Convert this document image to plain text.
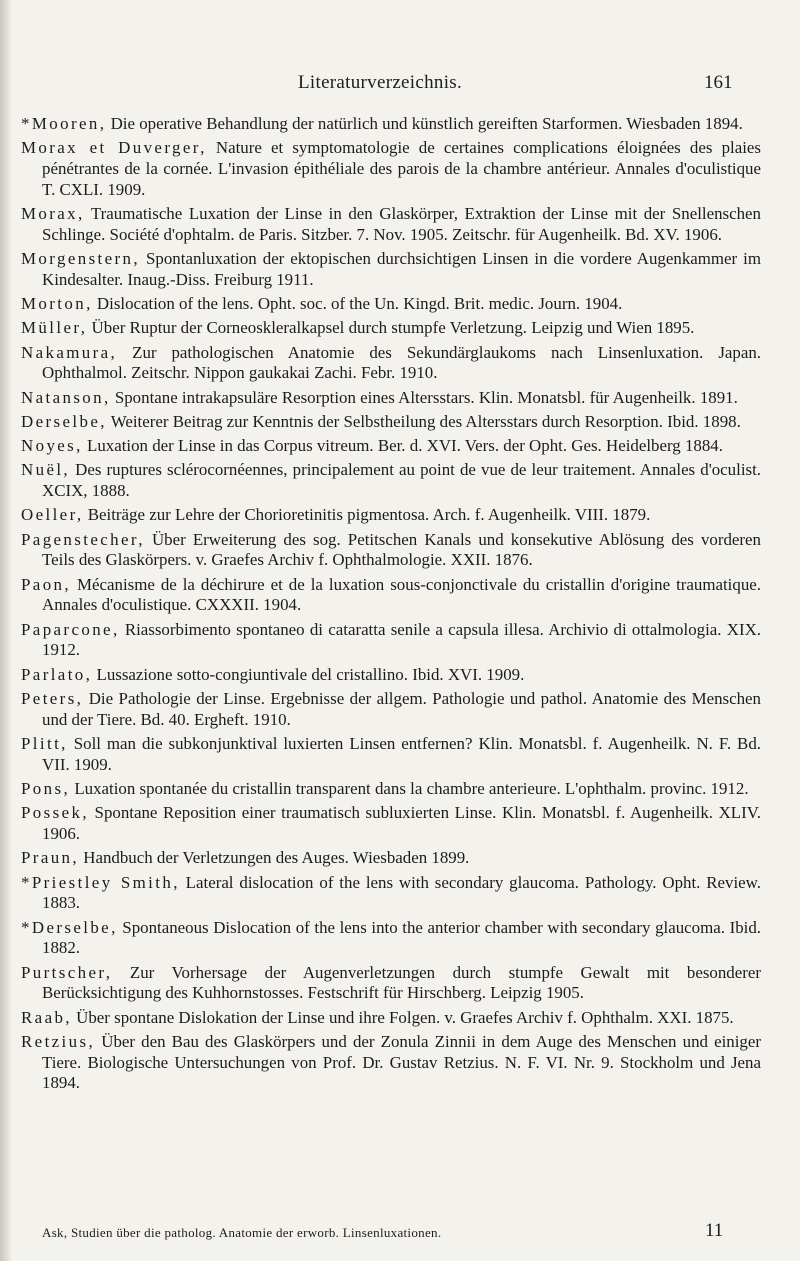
Literaturverzeichnis.	161

*Mooren, Die operative Behandlung der natürlich und künstlich gereiften Starformen. Wiesbaden 1894.

Morax et Duverger, Nature et symptomatologie de certaines complications éloignées des plaies pénétrantes de la cornée. L'invasion épithéliale des parois de la chambre antérieur. Annales d'oculistique T. CXLI. 1909.

Morax, Traumatische Luxation der Linse in den Glaskörper, Extraktion der Linse mit der Snellenschen Schlinge. Société d'ophtalm. de Paris. Sitzber. 7. Nov. 1905. Zeitschr. für Augenheilk. Bd. XV. 1906.

Morgenstern, Spontanluxation der ektopischen durchsichtigen Linsen in die vordere Augenkammer im Kindesalter. Inaug.-Diss. Freiburg 1911.

Morton, Dislocation of the lens. Opht. soc. of the Un. Kingd. Brit. medic. Journ. 1904.

Müller, Über Ruptur der Corneoskleralkapsel durch stumpfe Verletzung. Leipzig und Wien 1895.

Nakamura, Zur pathologischen Anatomie des Sekundärglaukoms nach Linsenluxation. Japan. Ophthalmol. Zeitschr. Nippon gaukakai Zachi. Febr. 1910.

Natanson, Spontane intrakapsuläre Resorption eines Altersstars. Klin. Monatsbl. für Augenheilk. 1891.

Derselbe, Weiterer Beitrag zur Kenntnis der Selbstheilung des Altersstars durch Resorption. Ibid. 1898.

Noyes, Luxation der Linse in das Corpus vitreum. Ber. d. XVI. Vers. der Opht. Ges. Heidelberg 1884.

Nuël, Des ruptures sclérocornéennes, principalement au point de vue de leur traitement. Annales d'oculist. XCIX, 1888.

Oeller, Beiträge zur Lehre der Chorioretinitis pigmentosa. Arch. f. Augenheilk. VIII. 1879.

Pagenstecher, Über Erweiterung des sog. Petitschen Kanals und konsekutive Ablösung des vorderen Teils des Glaskörpers. v. Graefes Archiv f. Ophthalmologie. XXII. 1876.

Paon, Mécanisme de la déchirure et de la luxation sous-conjonctivale du cristallin d'origine traumatique. Annales d'oculistique. CXXXII. 1904.

Paparcone, Riassorbimento spontaneo di cataratta senile a capsula illesa. Archivio di ottalmologia. XIX. 1912.

Parlato, Lussazione sotto-congiuntivale del cristallino. Ibid. XVI. 1909.

Peters, Die Pathologie der Linse. Ergebnisse der allgem. Pathologie und pathol. Anatomie des Menschen und der Tiere. Bd. 40. Ergheft. 1910.

Plitt, Soll man die subkonjunktival luxierten Linsen entfernen? Klin. Monatsbl. f. Augenheilk. N. F. Bd. VII. 1909.

Pons, Luxation spontanée du cristallin transparent dans la chambre anterieure. L'ophthalm. provinc. 1912.

Possek, Spontane Reposition einer traumatisch subluxierten Linse. Klin. Monatsbl. f. Augenheilk. XLIV. 1906.

Praun, Handbuch der Verletzungen des Auges. Wiesbaden 1899.

*Priestley Smith, Lateral dislocation of the lens with secondary glaucoma. Pathology. Opht. Review. 1883.

*Derselbe, Spontaneous Dislocation of the lens into the anterior chamber with secondary glaucoma. Ibid. 1882.

Purtscher, Zur Vorhersage der Augenverletzungen durch stumpfe Gewalt mit besonderer Berücksichtigung des Kuhhornstosses. Festschrift für Hirschberg. Leipzig 1905.

Raab, Über spontane Dislokation der Linse und ihre Folgen. v. Graefes Archiv f. Ophthalm. XXI. 1875.

Retzius, Über den Bau des Glaskörpers und der Zonula Zinnii in dem Auge des Menschen und einiger Tiere. Biologische Untersuchungen von Prof. Dr. Gustav Retzius. N. F. VI. Nr. 9. Stockholm und Jena 1894.

Ask, Studien über die patholog. Anatomie der erworb. Linsenluxationen.	11
